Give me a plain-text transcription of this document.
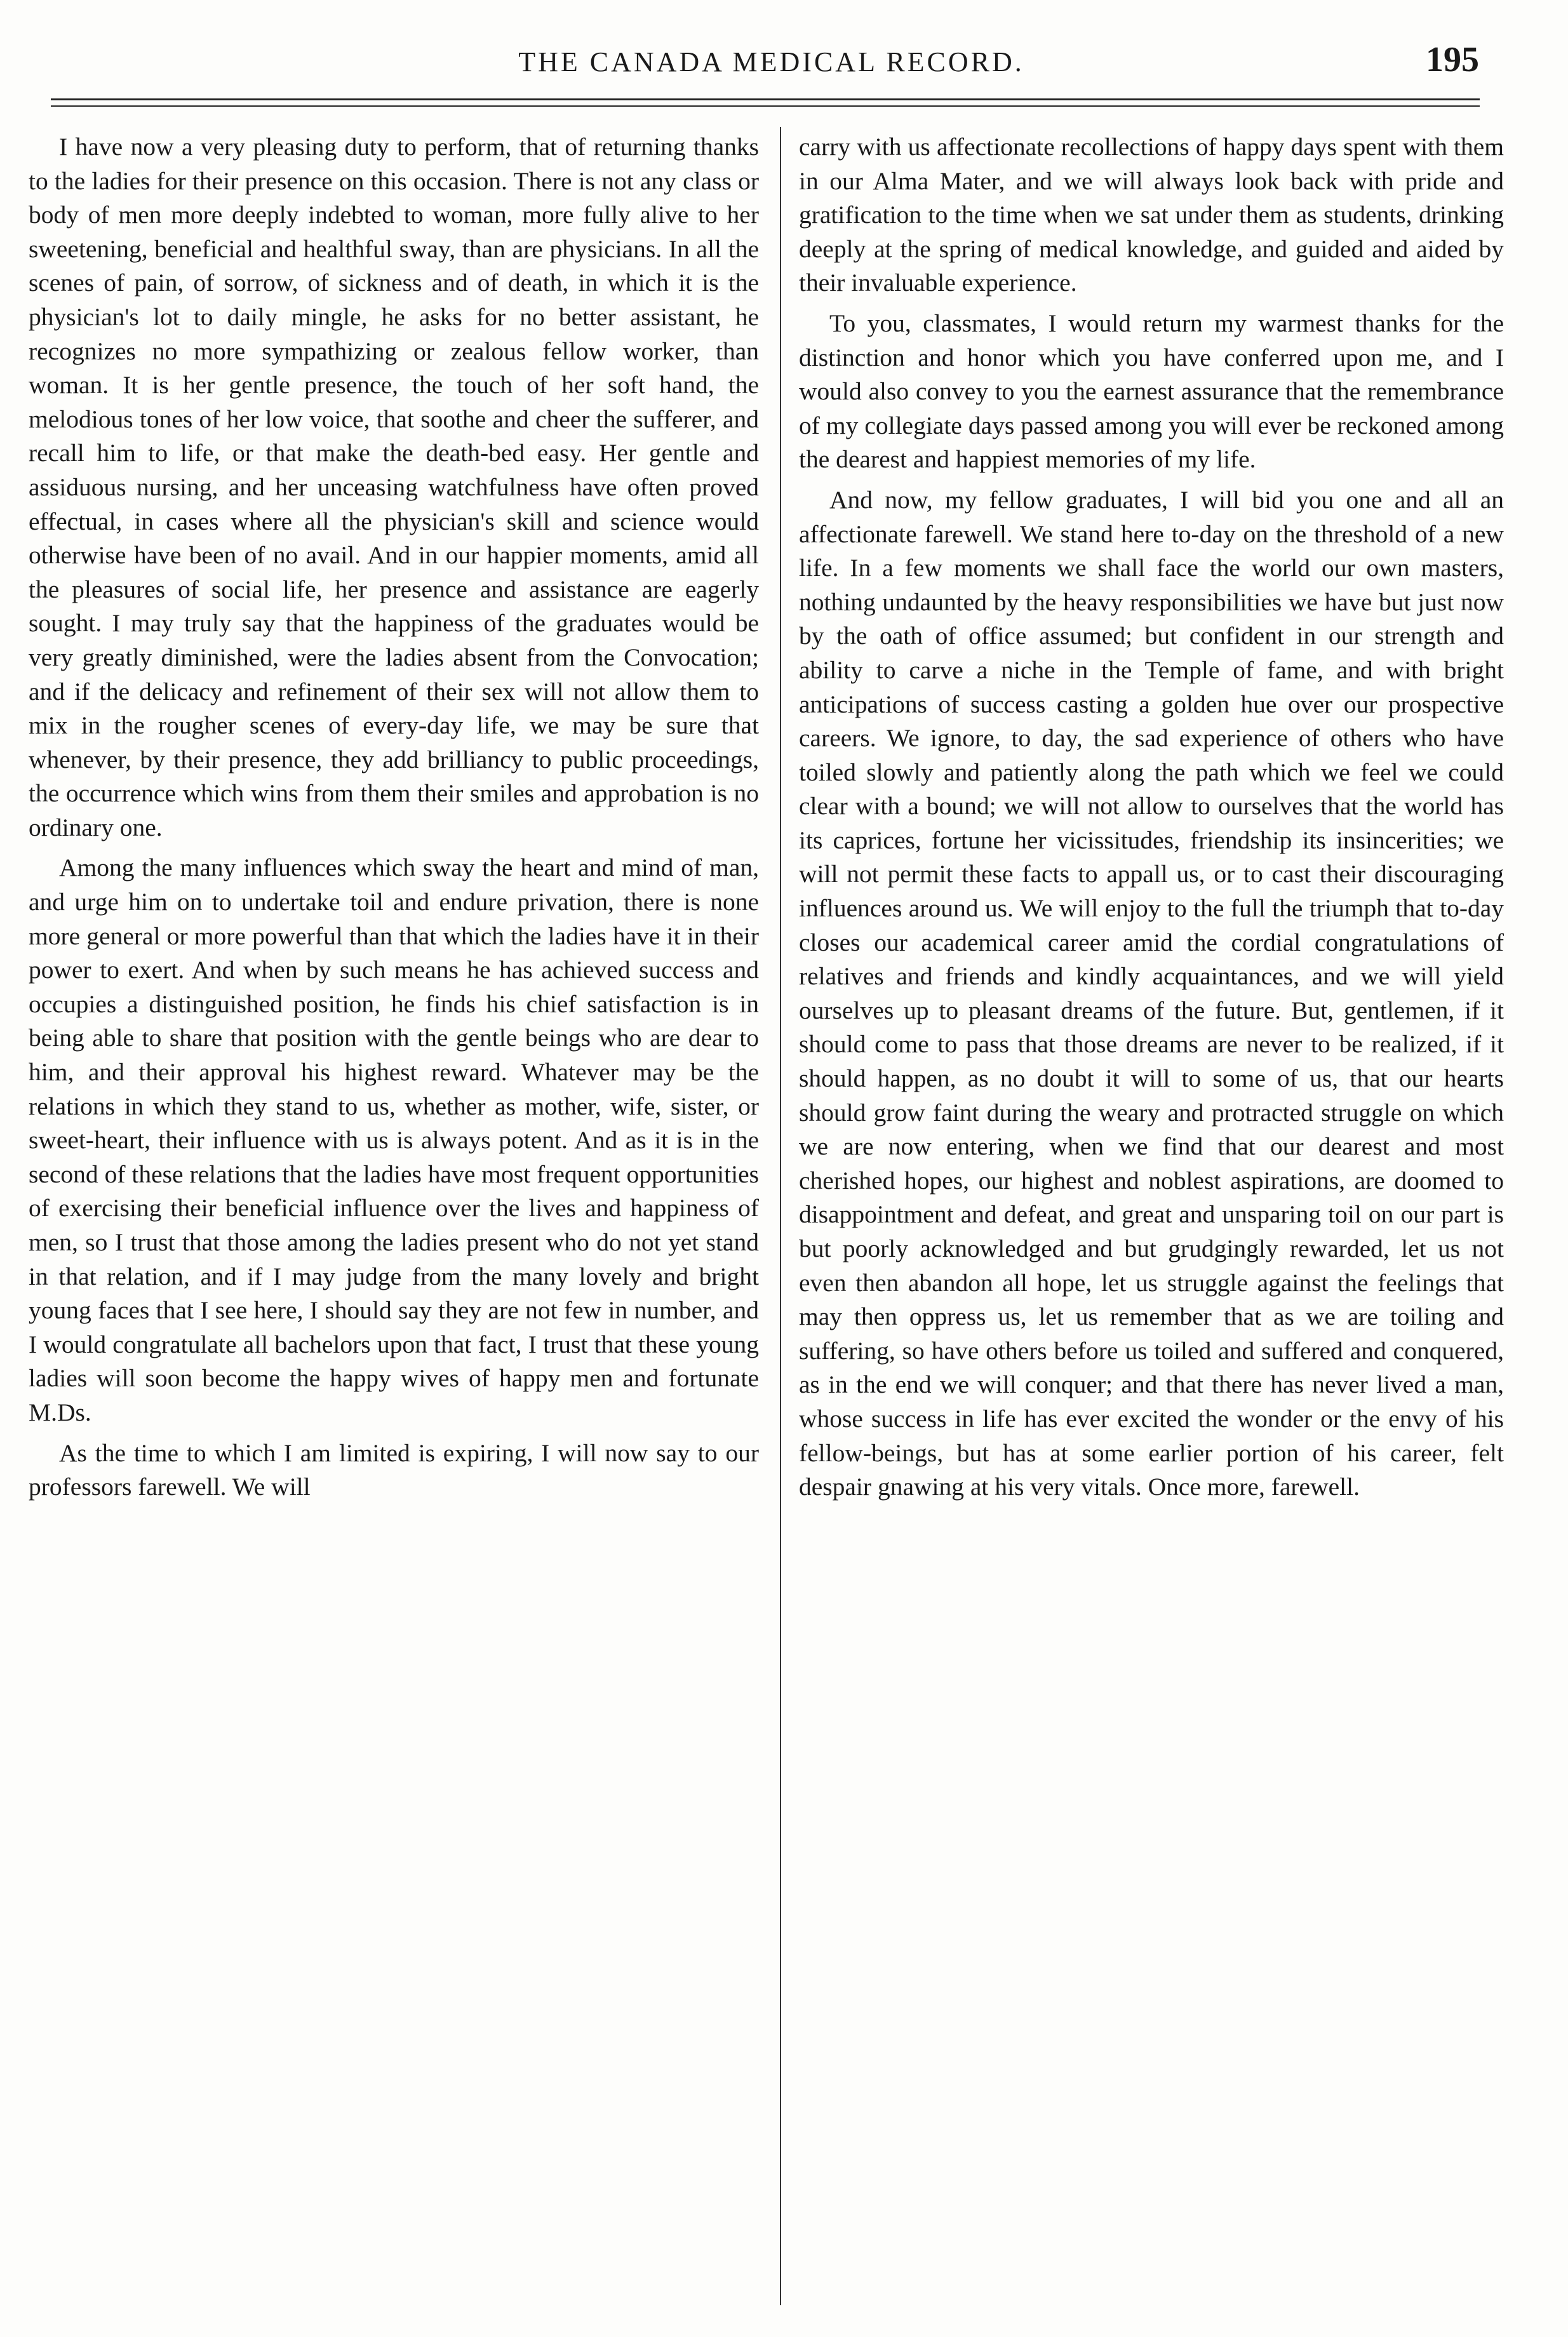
THE CANADA MEDICAL RECORD.	195

I have now a very pleasing duty to perform, that of returning thanks to the ladies for their presence on this occasion. There is not any class or body of men more deeply indebted to woman, more fully alive to her sweetening, beneficial and healthful sway, than are physicians. In all the scenes of pain, of sorrow, of sickness and of death, in which it is the physician's lot to daily mingle, he asks for no better assistant, he recognizes no more sympathizing or zealous fellow worker, than woman. It is her gentle presence, the touch of her soft hand, the melodious tones of her low voice, that soothe and cheer the sufferer, and recall him to life, or that make the death-bed easy. Her gentle and assiduous nursing, and her unceasing watchfulness have often proved effectual, in cases where all the physician's skill and science would otherwise have been of no avail. And in our happier moments, amid all the pleasures of social life, her presence and assistance are eagerly sought. I may truly say that the happiness of the graduates would be very greatly diminished, were the ladies absent from the Convocation; and if the delicacy and refinement of their sex will not allow them to mix in the rougher scenes of every-day life, we may be sure that whenever, by their presence, they add brilliancy to public proceedings, the occurrence which wins from them their smiles and approbation is no ordinary one.

Among the many influences which sway the heart and mind of man, and urge him on to undertake toil and endure privation, there is none more general or more powerful than that which the ladies have it in their power to exert. And when by such means he has achieved success and occupies a distinguished position, he finds his chief satisfaction is in being able to share that position with the gentle beings who are dear to him, and their approval his highest reward. Whatever may be the relations in which they stand to us, whether as mother, wife, sister, or sweet-heart, their influence with us is always potent. And as it is in the second of these relations that the ladies have most frequent opportunities of exercising their beneficial influence over the lives and happiness of men, so I trust that those among the ladies present who do not yet stand in that relation, and if I may judge from the many lovely and bright young faces that I see here, I should say they are not few in number, and I would congratulate all bachelors upon that fact, I trust that these young ladies will soon become the happy wives of happy men and fortunate M.Ds.

As the time to which I am limited is expiring, I will now say to our professors farewell. We will

carry with us affectionate recollections of happy days spent with them in our Alma Mater, and we will always look back with pride and gratification to the time when we sat under them as students, drinking deeply at the spring of medical knowledge, and guided and aided by their invaluable experience.

To you, classmates, I would return my warmest thanks for the distinction and honor which you have conferred upon me, and I would also convey to you the earnest assurance that the remembrance of my collegiate days passed among you will ever be reckoned among the dearest and happiest memories of my life.

And now, my fellow graduates, I will bid you one and all an affectionate farewell. We stand here to-day on the threshold of a new life. In a few moments we shall face the world our own masters, nothing undaunted by the heavy responsibilities we have but just now by the oath of office assumed; but confident in our strength and ability to carve a niche in the Temple of fame, and with bright anticipations of success casting a golden hue over our prospective careers. We ignore, to day, the sad experience of others who have toiled slowly and patiently along the path which we feel we could clear with a bound; we will not allow to ourselves that the world has its caprices, fortune her vicissitudes, friendship its insincerities; we will not permit these facts to appall us, or to cast their discouraging influences around us. We will enjoy to the full the triumph that to-day closes our academical career amid the cordial congratulations of relatives and friends and kindly acquaintances, and we will yield ourselves up to pleasant dreams of the future. But, gentlemen, if it should come to pass that those dreams are never to be realized, if it should happen, as no doubt it will to some of us, that our hearts should grow faint during the weary and protracted struggle on which we are now entering, when we find that our dearest and most cherished hopes, our highest and noblest aspirations, are doomed to disappointment and defeat, and great and unsparing toil on our part is but poorly acknowledged and but grudgingly rewarded, let us not even then abandon all hope, let us struggle against the feelings that may then oppress us, let us remember that as we are toiling and suffering, so have others before us toiled and suffered and conquered, as in the end we will conquer; and that there has never lived a man, whose success in life has ever excited the wonder or the envy of his fellow-beings, but has at some earlier portion of his career, felt despair gnawing at his very vitals. Once more, farewell.
